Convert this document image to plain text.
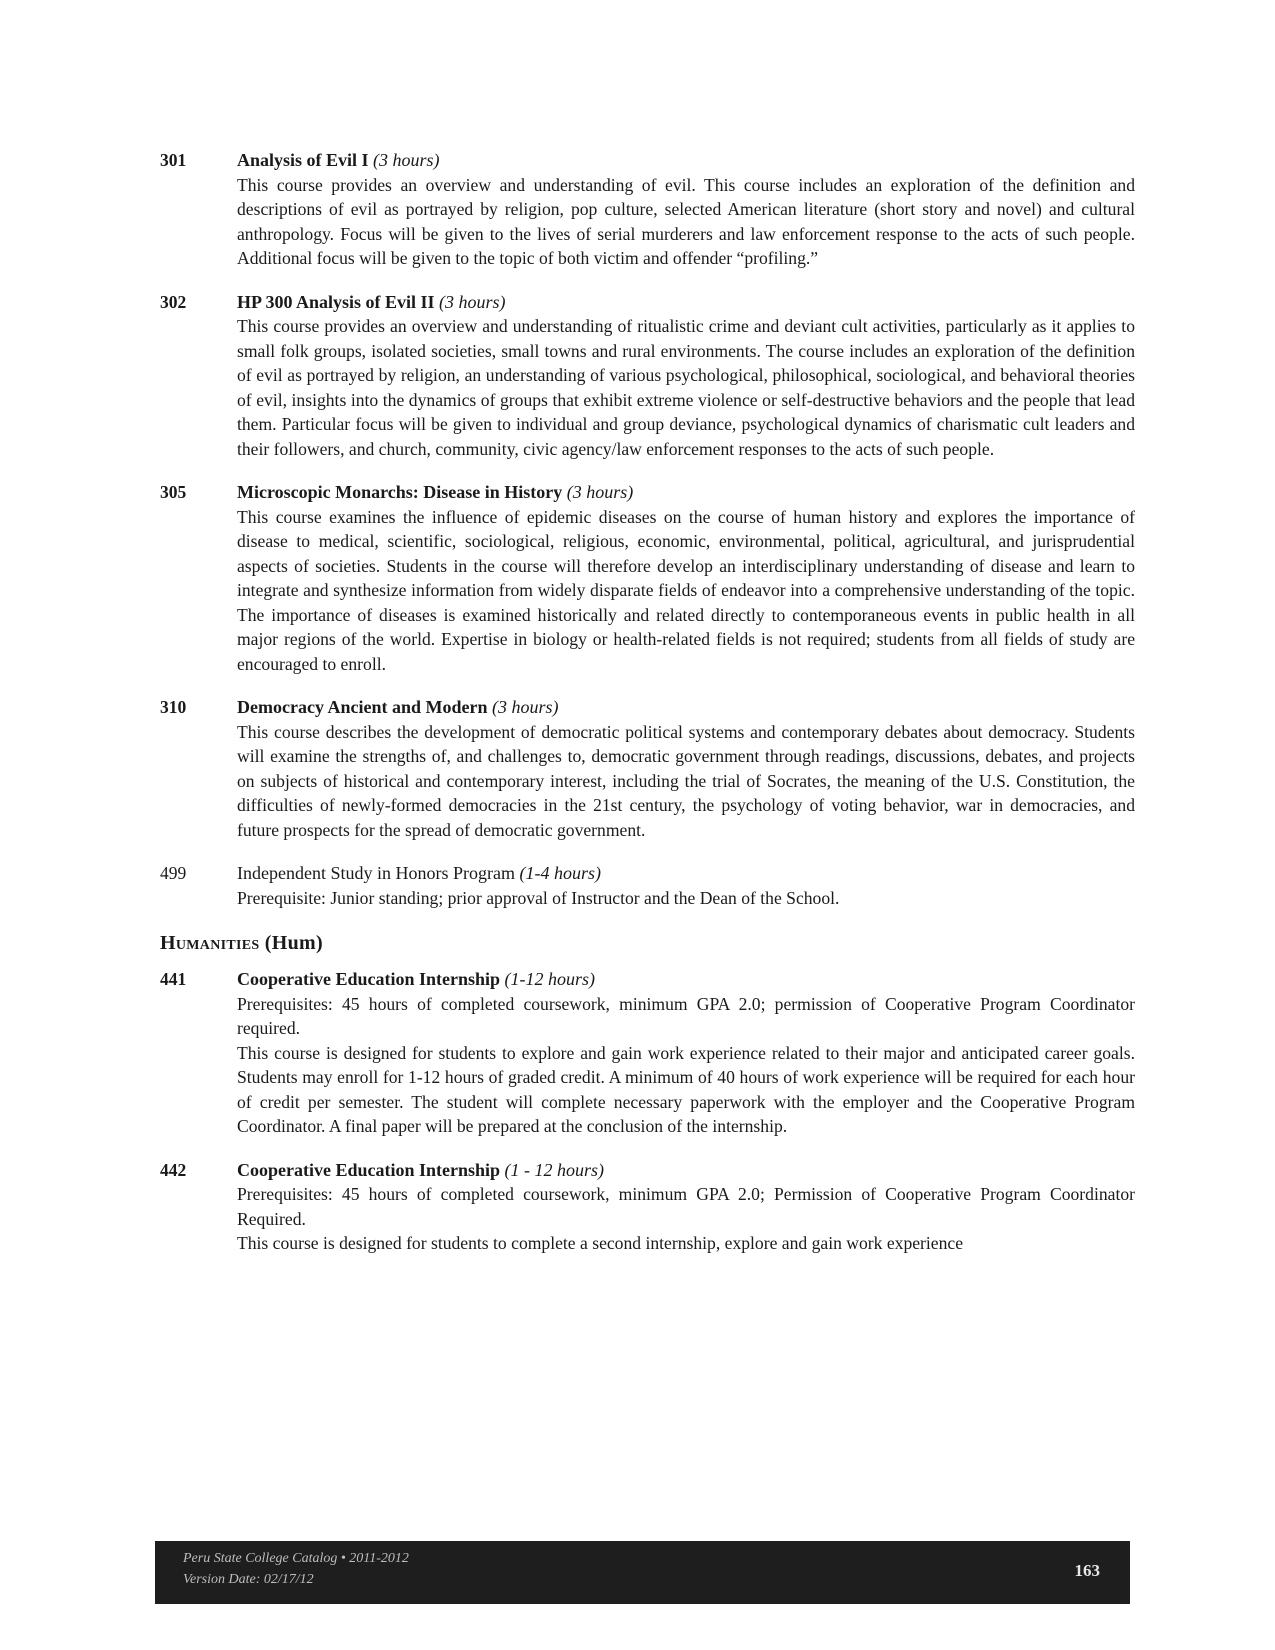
301	Analysis of Evil I (3 hours)

This course provides an overview and understanding of evil. This course includes an exploration of the definition and descriptions of evil as portrayed by religion, pop culture, selected American literature (short story and novel) and cultural anthropology. Focus will be given to the lives of serial murderers and law enforcement response to the acts of such people. Additional focus will be given to the topic of both victim and offender “profiling.”

302	HP 300 Analysis of Evil II (3 hours)

This course provides an overview and understanding of ritualistic crime and deviant cult activities, particularly as it applies to small folk groups, isolated societies, small towns and rural environments. The course includes an exploration of the definition of evil as portrayed by religion, an understanding of various psychological, philosophical, sociological, and behavioral theories of evil, insights into the dynamics of groups that exhibit extreme violence or self-destructive behaviors and the people that lead them. Particular focus will be given to individual and group deviance, psychological dynamics of charismatic cult leaders and their followers, and church, community, civic agency/law enforcement responses to the acts of such people.

305	Microscopic Monarchs: Disease in History (3 hours)

This course examines the influence of epidemic diseases on the course of human history and explores the importance of disease to medical, scientific, sociological, religious, economic, environmental, political, agricultural, and jurisprudential aspects of societies. Students in the course will therefore develop an interdisciplinary understanding of disease and learn to integrate and synthesize information from widely disparate fields of endeavor into a comprehensive understanding of the topic. The importance of diseases is examined historically and related directly to contemporaneous events in public health in all major regions of the world. Expertise in biology or health-related fields is not required; students from all fields of study are encouraged to enroll.

310	Democracy Ancient and Modern (3 hours)

This course describes the development of democratic political systems and contemporary debates about democracy. Students will examine the strengths of, and challenges to, democratic government through readings, discussions, debates, and projects on subjects of historical and contemporary interest, including the trial of Socrates, the meaning of the U.S. Constitution, the difficulties of newly-formed democracies in the 21st century, the psychology of voting behavior, war in democracies, and future prospects for the spread of democratic government.

499	Independent Study in Honors Program (1-4 hours)

Prerequisite: Junior standing; prior approval of Instructor and the Dean of the School.

Humanities (Hum)
441	Cooperative Education Internship (1-12 hours)

Prerequisites: 45 hours of completed coursework, minimum GPA 2.0; permission of Cooperative Program Coordinator required.

This course is designed for students to explore and gain work experience related to their major and anticipated career goals. Students may enroll for 1-12 hours of graded credit. A minimum of 40 hours of work experience will be required for each hour of credit per semester. The student will complete necessary paperwork with the employer and the Cooperative Program Coordinator. A final paper will be prepared at the conclusion of the internship.

442	Cooperative Education Internship (1 - 12 hours)

Prerequisites: 45 hours of completed coursework, minimum GPA 2.0; Permission of Cooperative Program Coordinator Required.

This course is designed for students to complete a second internship, explore and gain work experience

Peru State College Catalog • 2011-2012
Version Date: 02/17/12	163
